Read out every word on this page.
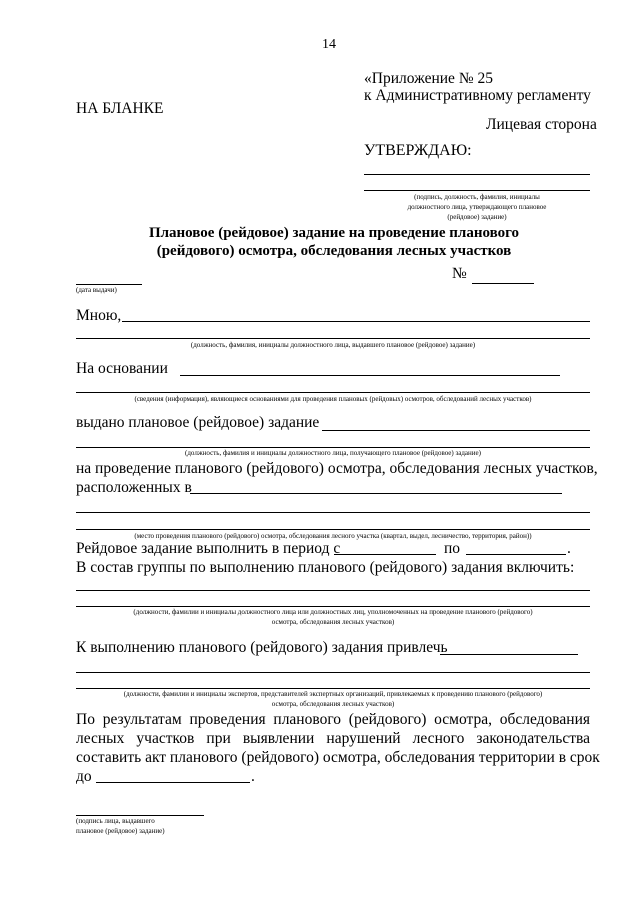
14
«Приложение № 25
к Административному регламенту
НА БЛАНКЕ
Лицевая сторона
УТВЕРЖДАЮ:
(подпись, должность, фамилия, инициалы
должностного лица, утверждающего плановое
(рейдовое) задание)
Плановое (рейдовое) задание на проведение планового
(рейдового) осмотра, обследования лесных участков
№
(дата выдачи)
Мною,
(должность, фамилия, инициалы должностного лица, выдавшего плановое (рейдовое) задание)
На основании
(сведения (информация), являющиеся основаниями для проведения плановых (рейдовых) осмотров, обследований лесных участков)
выдано плановое (рейдовое) задание
(должность, фамилия и инициалы должностного лица, получающего плановое (рейдовое) задание)
на проведение планового (рейдового) осмотра, обследования лесных участков,
расположенных в
(место проведения планового (рейдового) осмотра, обследования лесного участка (квартал, выдел, лесничество, территория, район))
Рейдовое задание выполнить в период с	по	.
В состав группы по выполнению планового (рейдового) задания включить:
(должности, фамилии и инициалы должностного лица или должностных лиц, уполномоченных на проведение планового (рейдового)
осмотра, обследования лесных участков)
К выполнению планового (рейдового) задания привлечь
(должности, фамилии и инициалы экспертов, представителей экспертных организаций, привлекаемых к проведению планового (рейдового)
осмотра, обследования лесных участков)
По результатам проведения планового (рейдового) осмотра, обследования
лесных участков при выявлении нарушений лесного законодательства
составить акт планового (рейдового) осмотра, обследования территории в срок
до	.
(подпись лица, выдавшего
плановое (рейдовое) задание)
